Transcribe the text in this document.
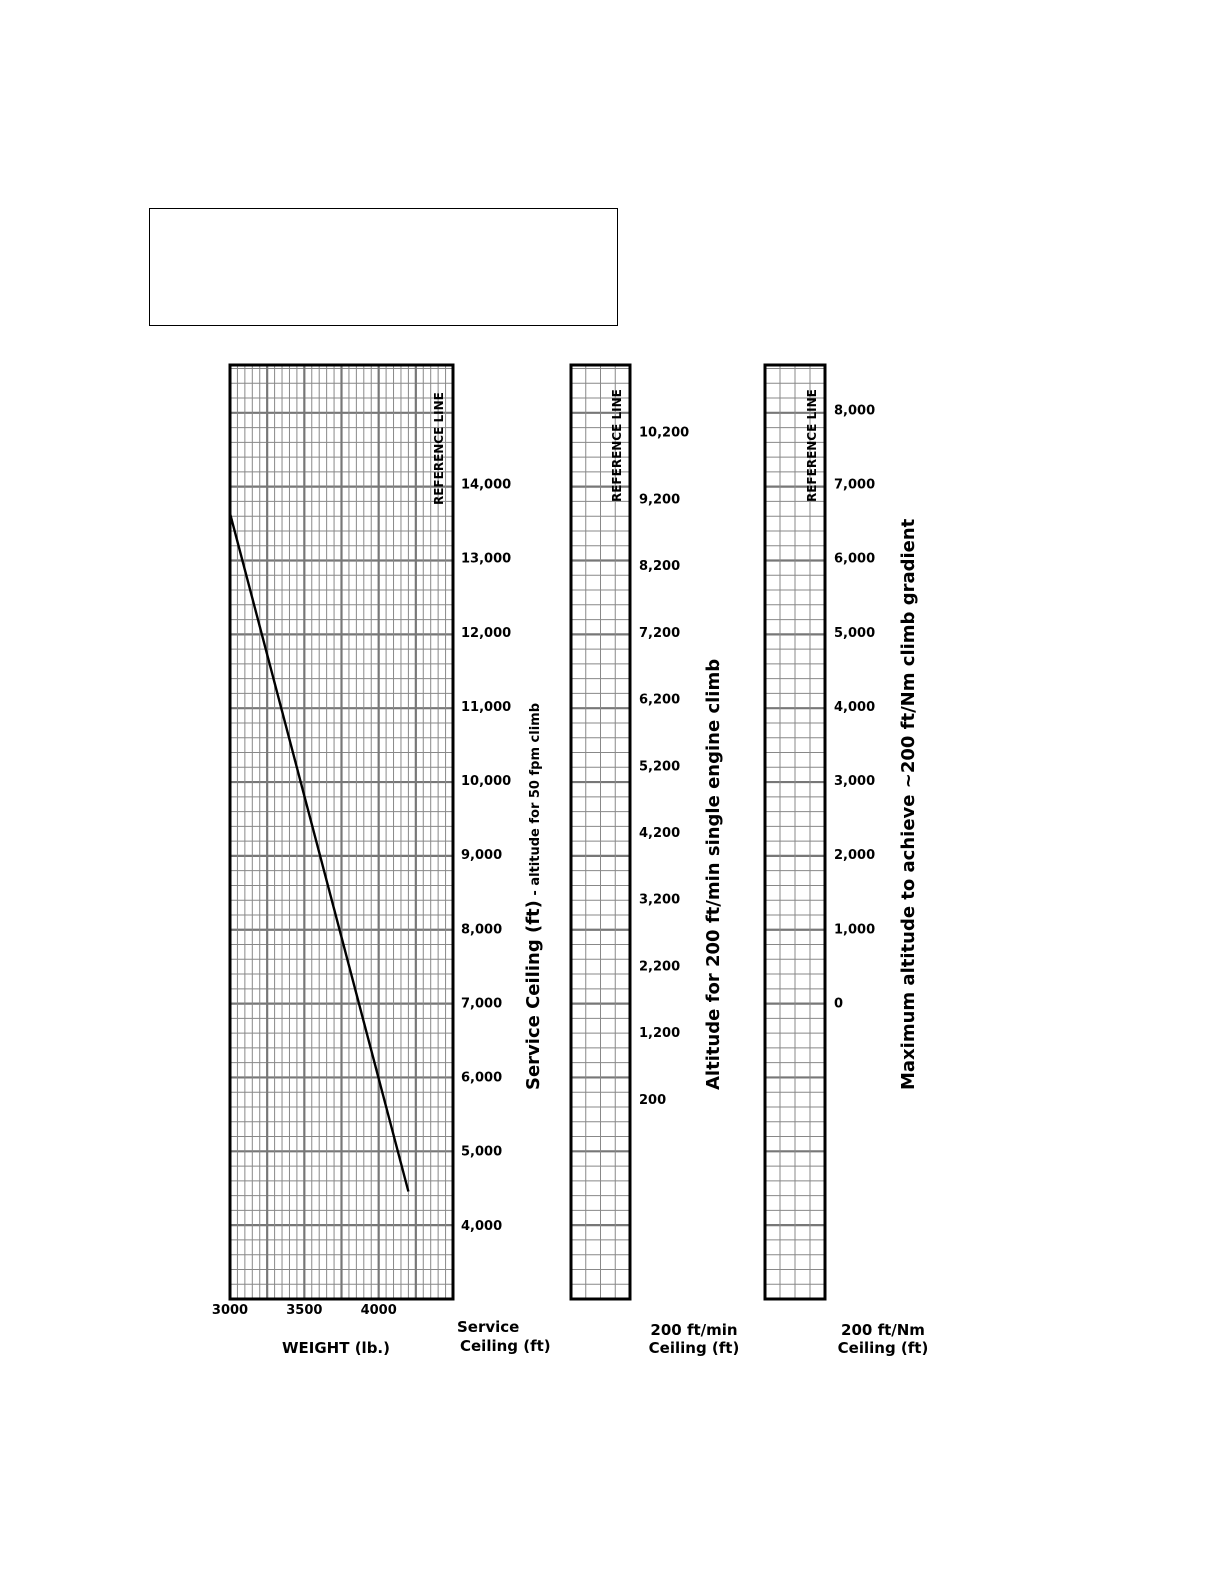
3000	3500	4000
WEIGHT (lb.)
4,000
5,000
6,000
7,000
8,000
9,000
10,000
11,000
12,000
13,000
14,000
Service
Ceiling (ft)
REFERENCE LINE
Service Ceiling (ft) - altitude for 50 fpm climb
200
1,200
2,200
3,200
4,200
5,200
6,200
7,200
8,200
9,200
10,200
REFERENCE LINE
Altitude for 200 ft/min single engine climb
200 ft/min
Ceiling (ft)
0
1,000
2,000
3,000
4,000
5,000
6,000
7,000
8,000
REFERENCE LINE
Maximum altitude to achieve ~200 ft/Nm climb gradient
200 ft/Nm
Ceiling (ft)
